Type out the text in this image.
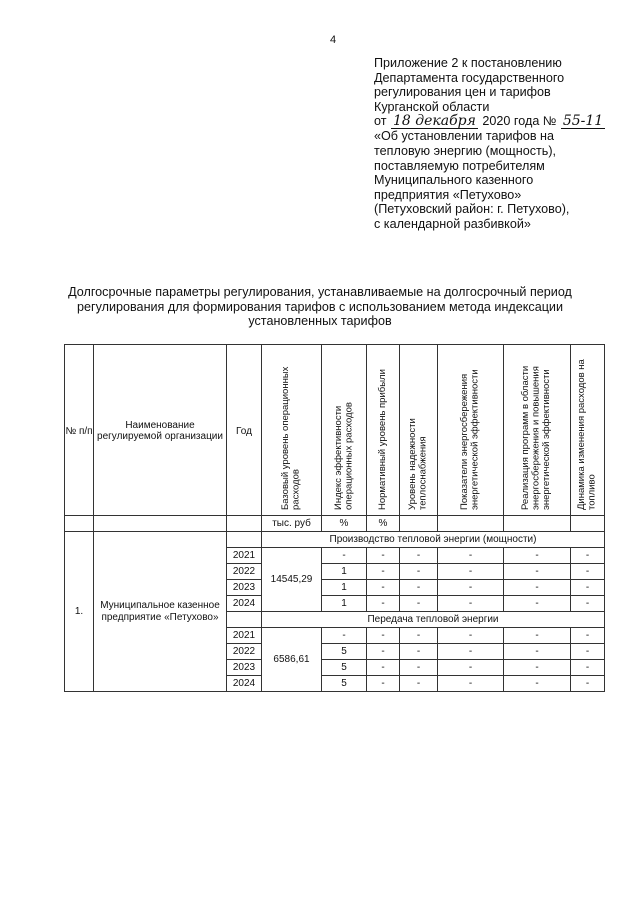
4
Приложение 2 к постановлению
Департамента государственного
регулирования цен и тарифов
Курганской области
от 18 декабря 2020 года № 55-11
«Об установлении тарифов на
тепловую энергию (мощность),
поставляемую потребителям
Муниципального казенного
предприятия «Петухово»
(Петуховский район: г. Петухово),
с календарной разбивкой»
Долгосрочные параметры регулирования, устанавливаемые на долгосрочный период
регулирования для формирования тарифов с использованием метода индексации
установленных тарифов
№ п/п	Наименование регулируемой организации	Год	Базовый уровень операционных расходов	Индекс эффективности операционных расходов	Нормативный уровень прибыли	Уровень надежности теплоснабжения	Показатели энергосбережения энергетической эффективности	Реализация программ в области энергосбережения и повышения энергетической эффективности	Динамика изменения расходов на топливо

			тыс. руб	%	%				
1.	Муниципальное казенное предприятие «Петухово»		Производство тепловой энергии (мощности)						
		2021	14545,29	-	-	-	-	-	-
		2022		1	-	-	-	-	-
		2023		1	-	-	-	-	-
		2024		1	-	-	-	-	-
			Передача тепловой энергии						
		2021	6586,61	-	-	-	-	-	-
		2022		5	-	-	-	-	-
		2023		5	-	-	-	-	-
		2024		5	-	-	-	-	-
